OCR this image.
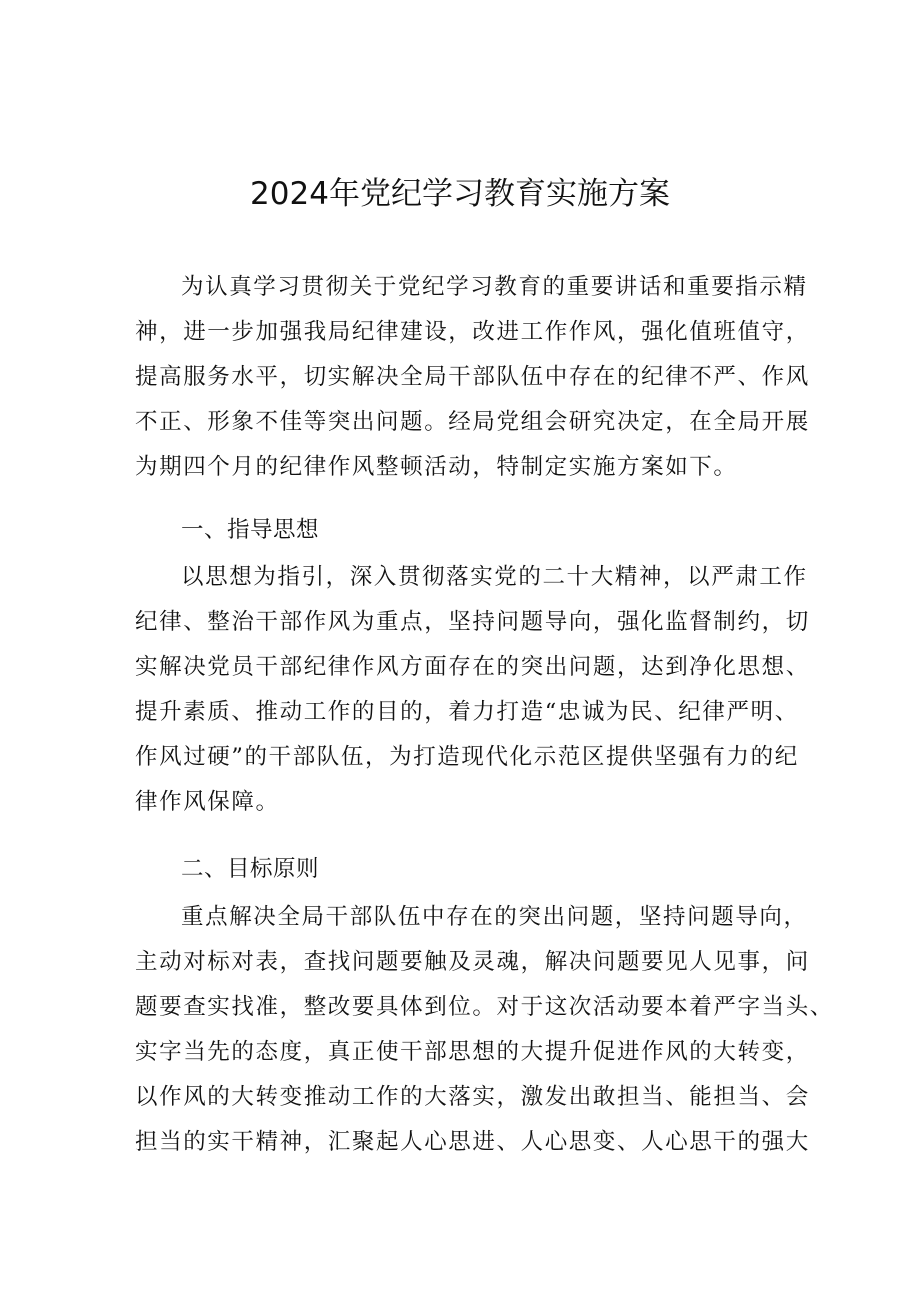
2024年党纪学习教育实施方案
为认真学习贯彻关于党纪学习教育的重要讲话和重要指示精
神，进一步加强我局纪律建设，改进工作作风，强化值班值守，
提高服务水平，切实解决全局干部队伍中存在的纪律不严、作风
不正、形象不佳等突出问题。经局党组会研究决定，在全局开展
为期四个月的纪律作风整顿活动，特制定实施方案如下。
一、指导思想
以思想为指引，深入贯彻落实党的二十大精神，以严肃工作
纪律、整治干部作风为重点，坚持问题导向，强化监督制约，切
实解决党员干部纪律作风方面存在的突出问题，达到净化思想、
提升素质、推动工作的目的，着力打造“忠诚为民、纪律严明、
作风过硬”的干部队伍，为打造现代化示范区提供坚强有力的纪
律作风保障。
二、目标原则
重点解决全局干部队伍中存在的突出问题，坚持问题导向，
主动对标对表，查找问题要触及灵魂，解决问题要见人见事，问
题要查实找准，整改要具体到位。对于这次活动要本着严字当头、
实字当先的态度，真正使干部思想的大提升促进作风的大转变，
以作风的大转变推动工作的大落实，激发出敢担当、能担当、会
担当的实干精神，汇聚起人心思进、人心思变、人心思干的强大
